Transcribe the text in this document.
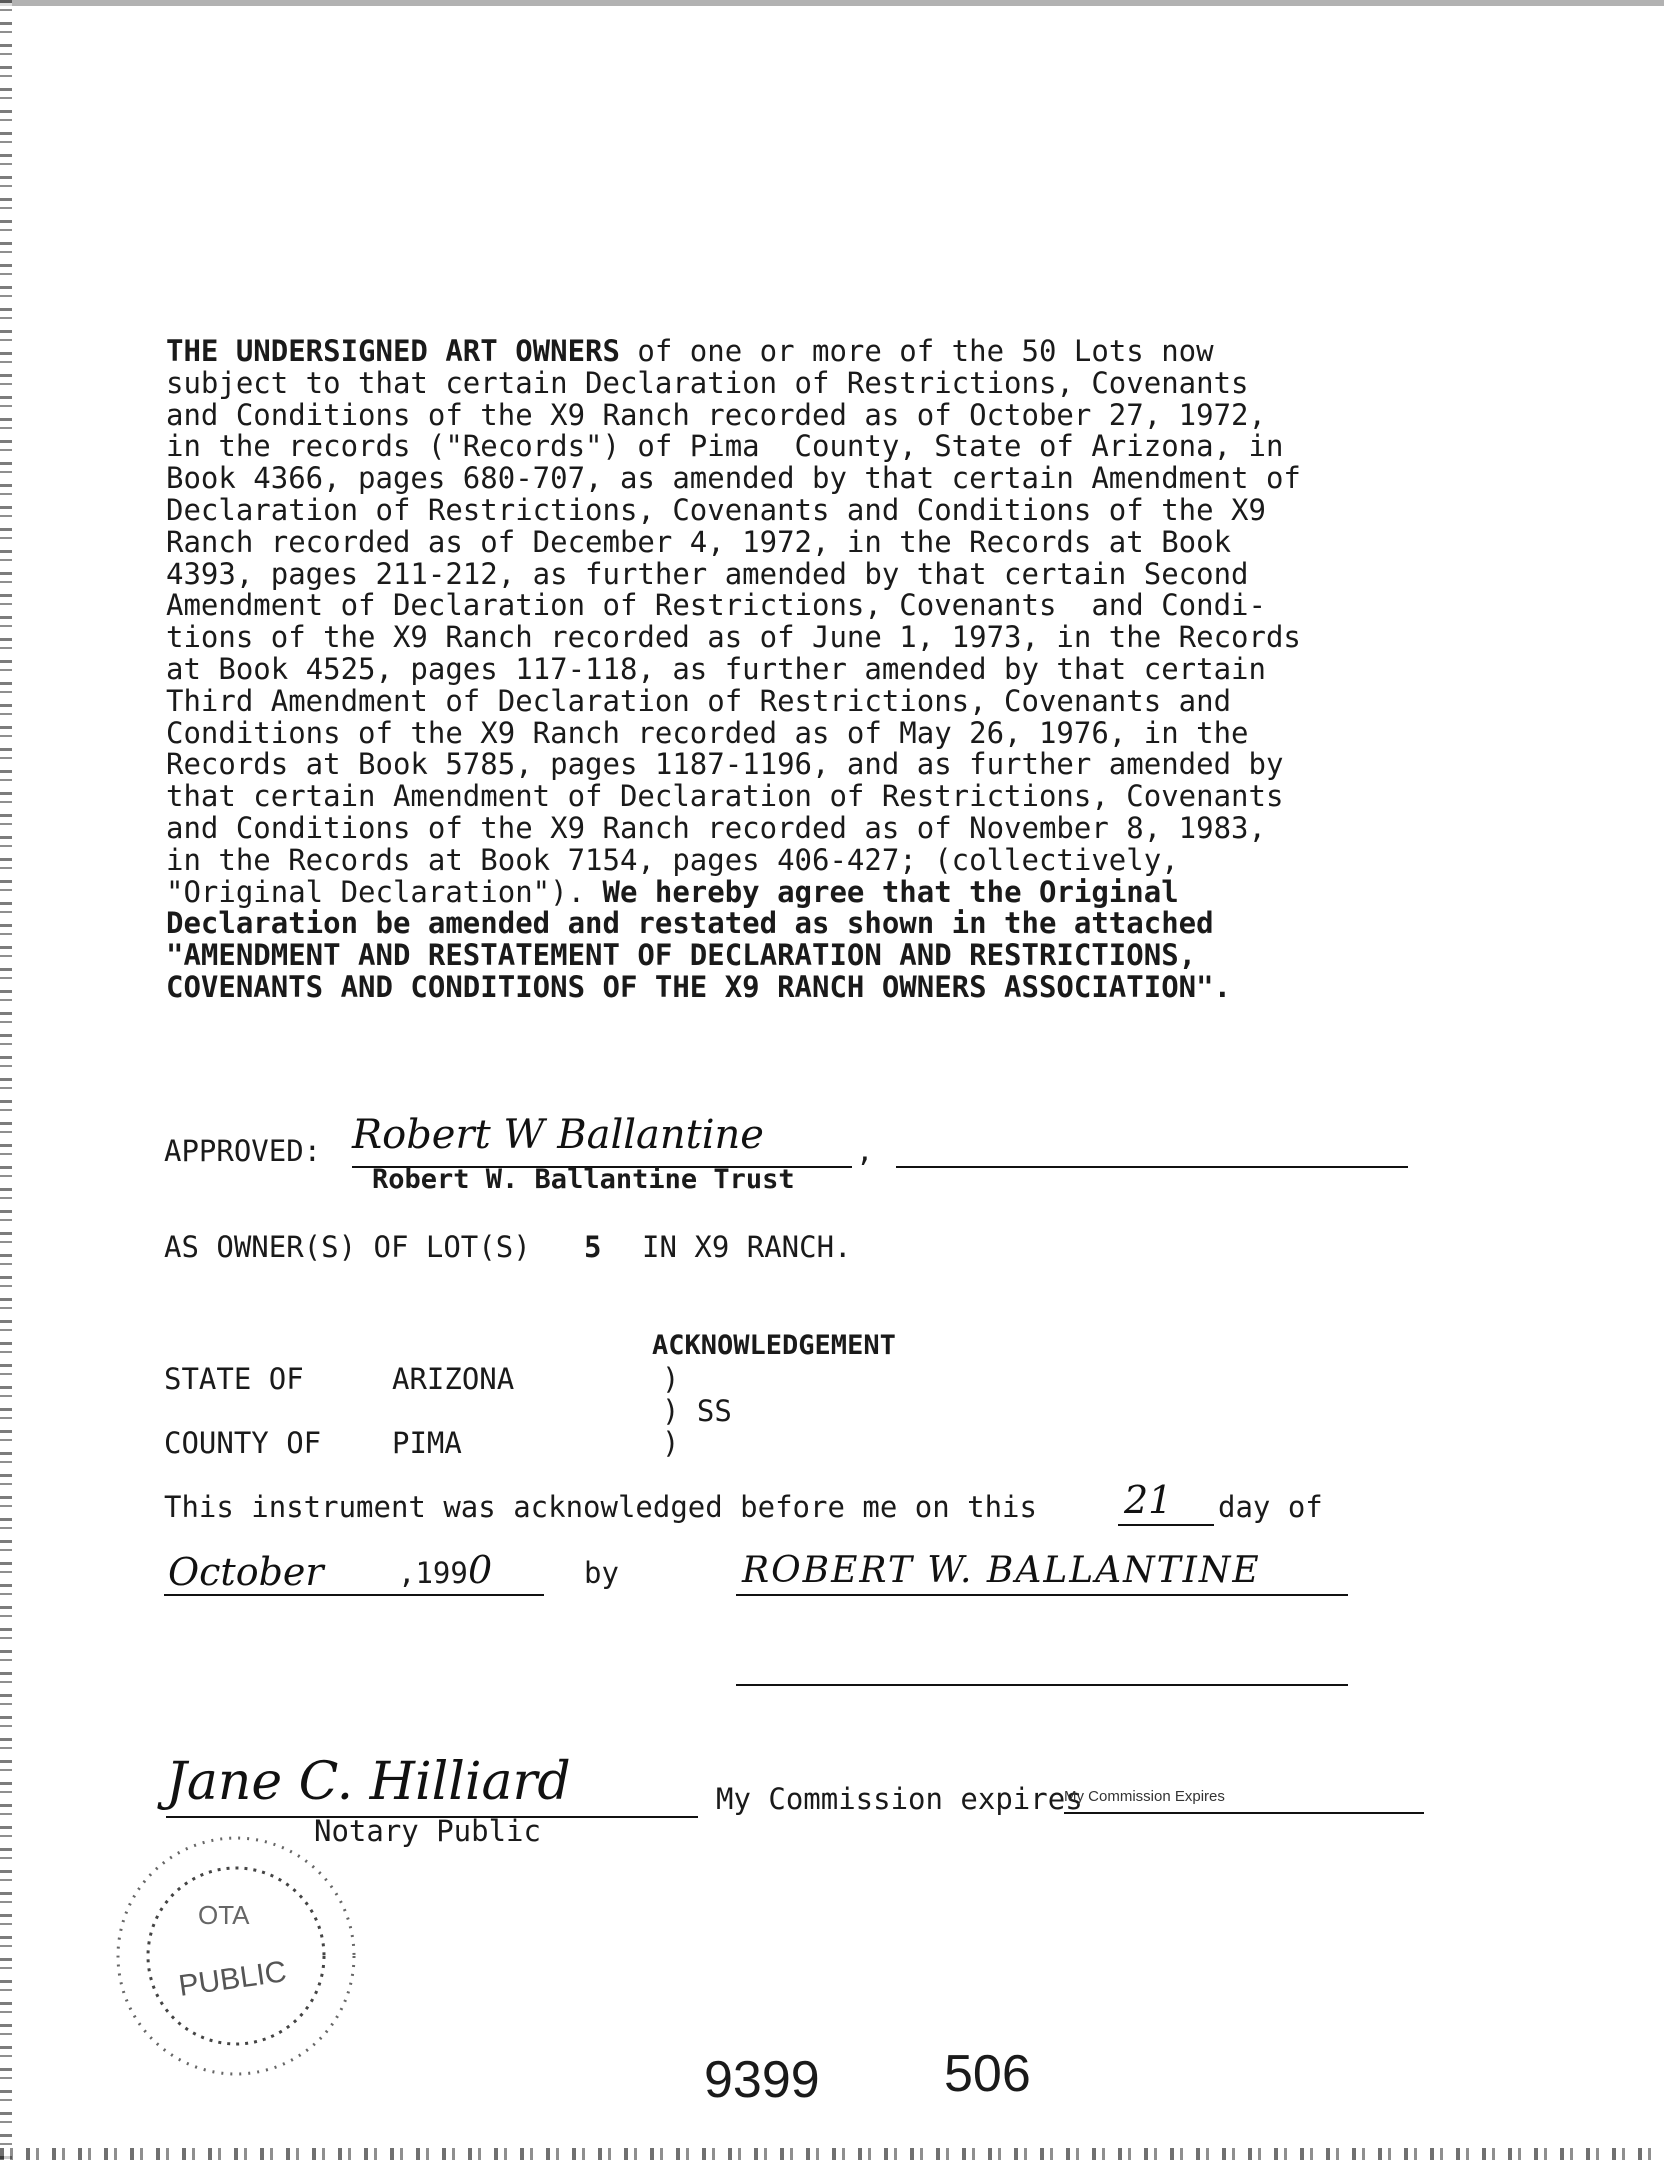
THE UNDERSIGNED ART OWNERS of one or more of the 50 Lots now
subject to that certain Declaration of Restrictions, Covenants
and Conditions of the X9 Ranch recorded as of October 27, 1972,
in the records ("Records") of Pima  County, State of Arizona, in
Book 4366, pages 680-707, as amended by that certain Amendment of
Declaration of Restrictions, Covenants and Conditions of the X9
Ranch recorded as of December 4, 1972, in the Records at Book
4393, pages 211-212, as further amended by that certain Second
Amendment of Declaration of Restrictions, Covenants  and Condi-
tions of the X9 Ranch recorded as of June 1, 1973, in the Records
at Book 4525, pages 117-118, as further amended by that certain
Third Amendment of Declaration of Restrictions, Covenants and
Conditions of the X9 Ranch recorded as of May 26, 1976, in the
Records at Book 5785, pages 1187-1196, and as further amended by
that certain Amendment of Declaration of Restrictions, Covenants
and Conditions of the X9 Ranch recorded as of November 8, 1983,
in the Records at Book 7154, pages 406-427; (collectively,
"Original Declaration"). We hereby agree that the Original
Declaration be amended and restated as shown in the attached
"AMENDMENT AND RESTATEMENT OF DECLARATION AND RESTRICTIONS,
COVENANTS AND CONDITIONS OF THE X9 RANCH OWNERS ASSOCIATION".
APPROVED: Robert W Ballantine	,
Robert W. Ballantine Trust
AS OWNER(S) OF LOT(S) 5 IN X9 RANCH.
ACKNOWLEDGEMENT
STATE OF	ARIZONA	)
) SS
COUNTY OF PIMA	)
This instrument was acknowledged before me on this 21 day of
October	,199 0	by	ROBERT W. BALLANTINE
Jane C. Hilliard
Notary Public
My Commission expires
My Commission Expires
OTA
PUBLIC
9399 506
